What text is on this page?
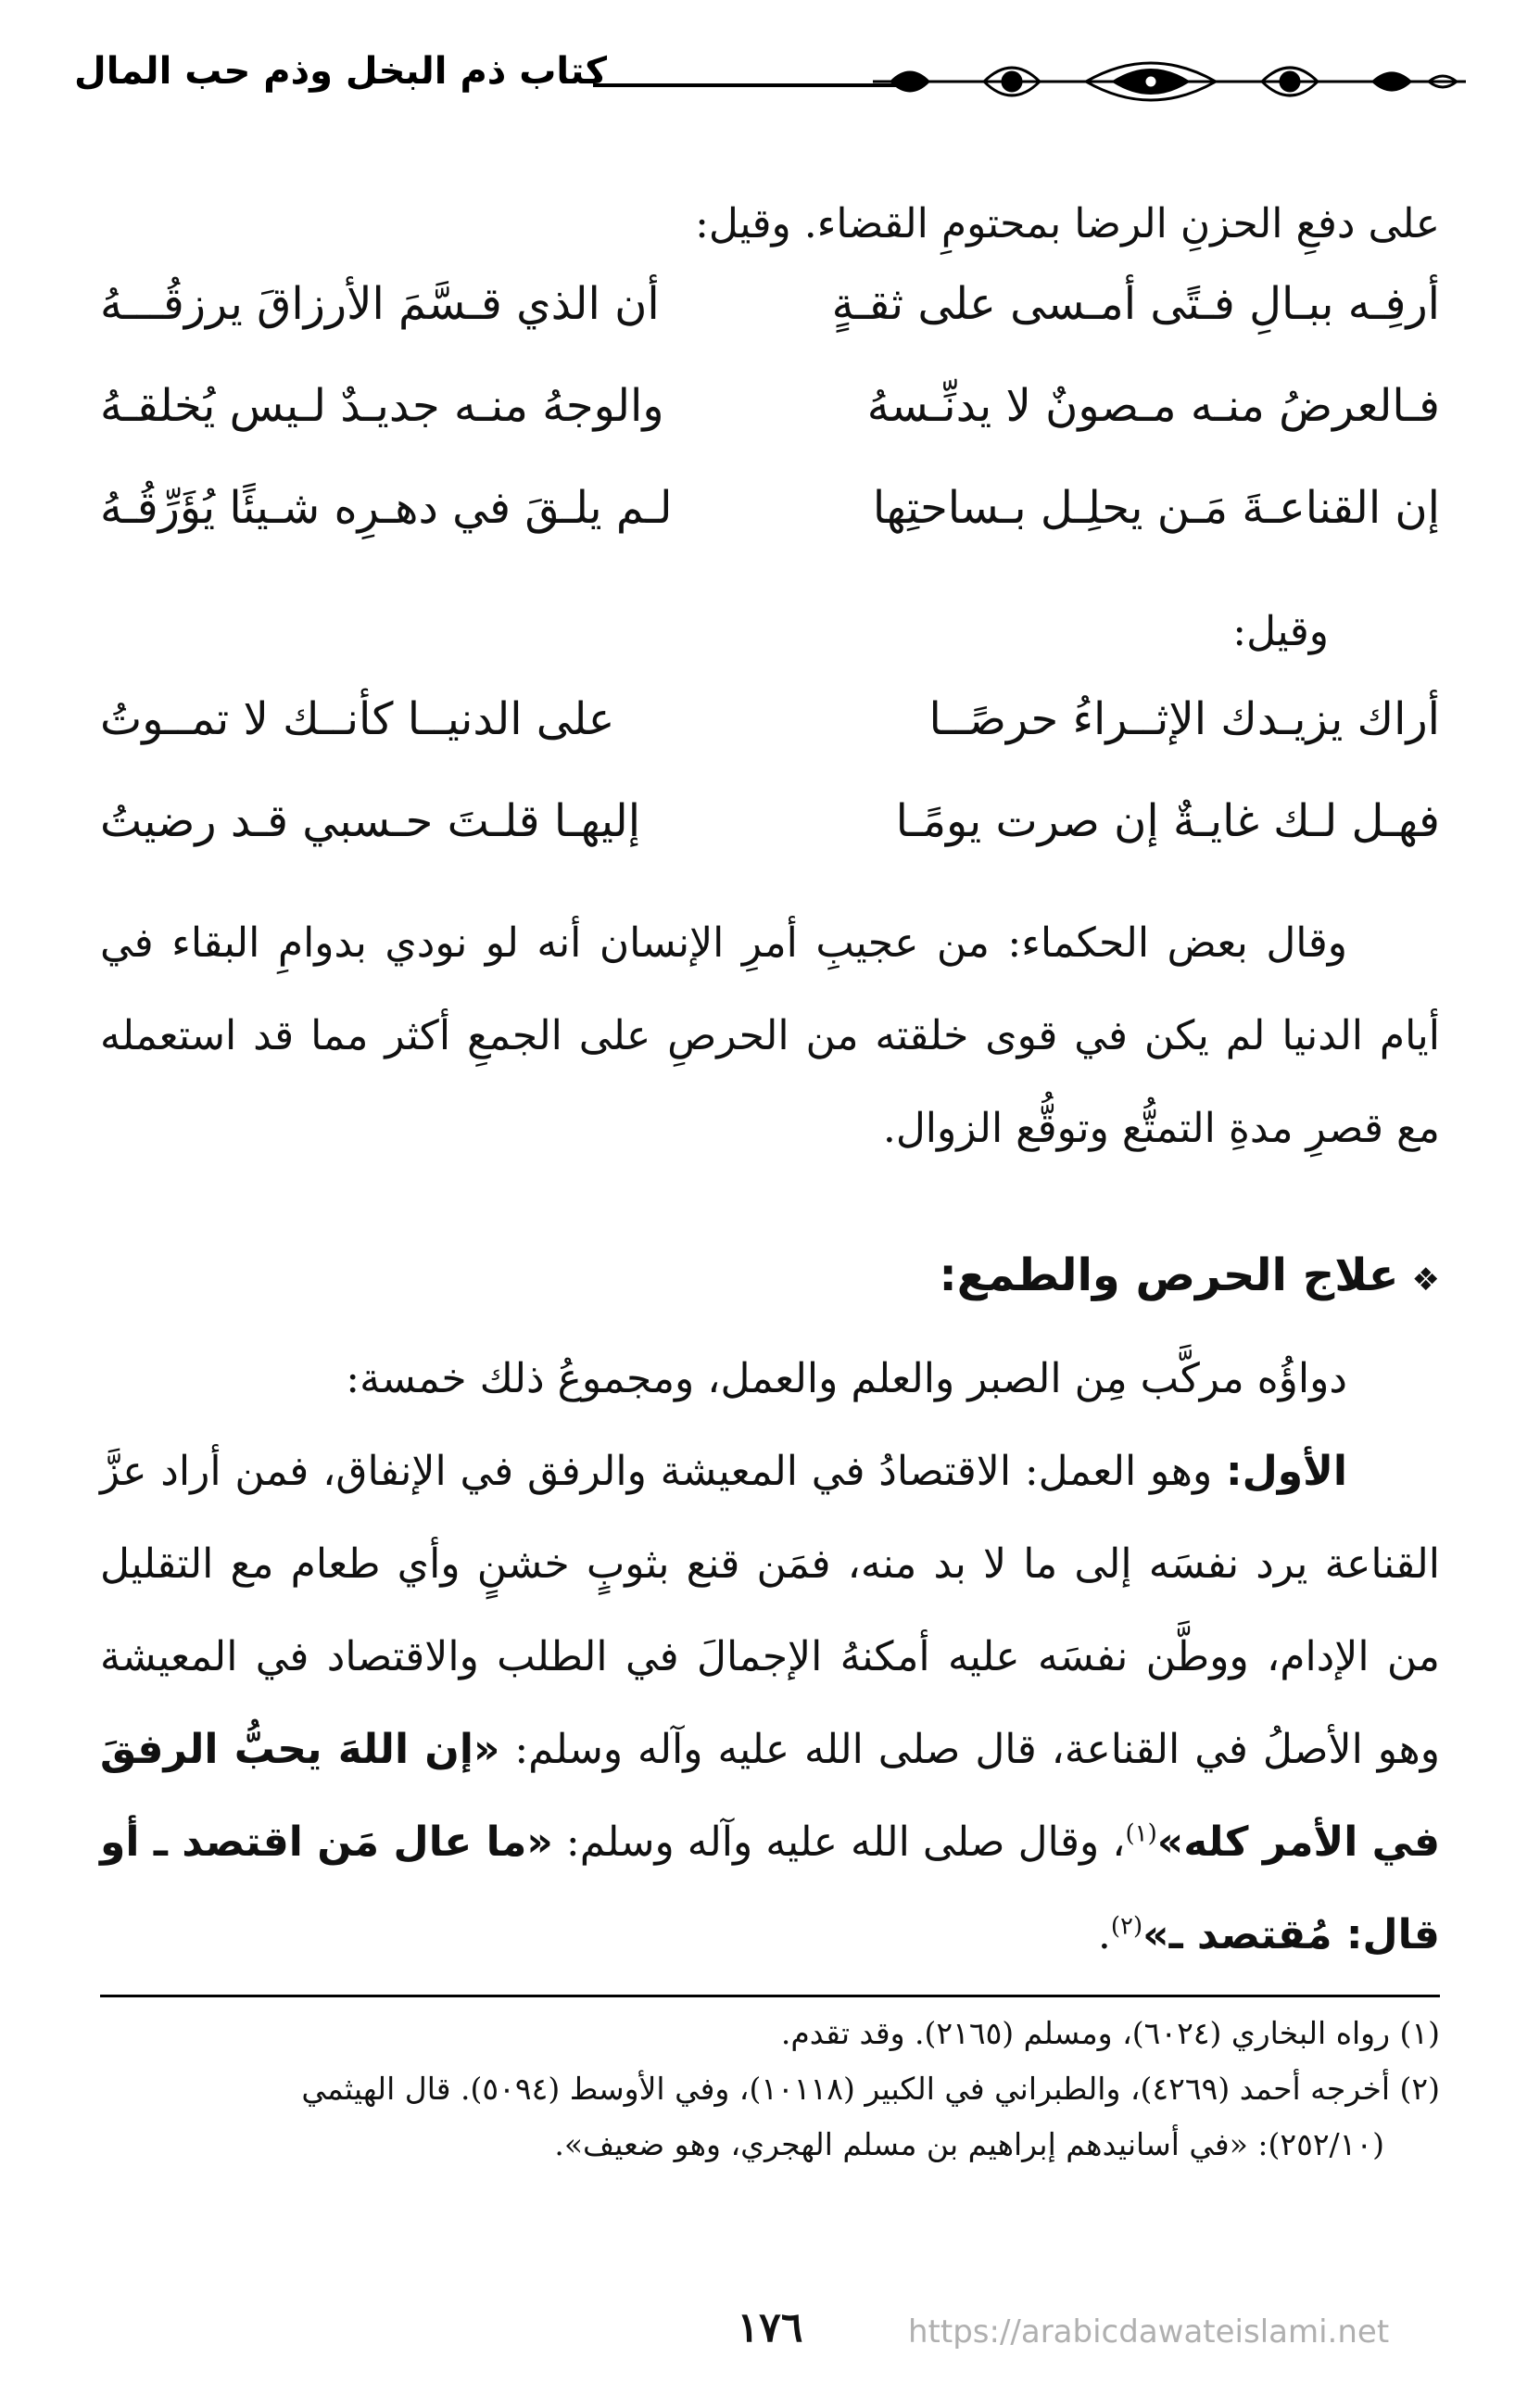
كتاب ذم البخل وذم حب المال

على دفعِ الحزنِ الرضا بمحتومِ القضاء. وقيل:

أرفِـه ببـالِ فـتًى أمـسى على ثقـةٍ
أن الذي قـسَّمَ الأرزاقَ يرزقُـــهُ
فـالعرضُ منـه مـصونٌ لا يدنِّـسهُ
والوجهُ منـه جديـدٌ لـيس يُخلقـهُ
إن القناعـةَ مَـن يحلِـل بـساحتِها
لـم يلـقَ في دهـرِه شـيئًا يُؤَرِّقُـهُ

وقيل:

أراك يزيـدك الإثــراءُ حرصًــا
على الدنيــا كأنــك لا تمــوتُ
فهـل لـك غايـةٌ إن صرت يومًـا
إليهـا قلـتَ حـسبي قـد رضيتُ

وقال بعض الحكماء: من عجيبِ أمرِ الإنسان أنه لو نودي بدوامِ البقاء في أيام الدنيا لم يكن في قوى خلقته من الحرصِ على الجمعِ أكثر مما قد استعمله مع قصرِ مدةِ التمتُّع وتوقُّع الزوال.

❖علاج الحرص والطمع:

دواؤُه مركَّب مِن الصبر والعلم والعمل، ومجموعُ ذلك خمسة:

الأول: وهو العمل: الاقتصادُ في المعيشة والرفق في الإنفاق، فمن أراد عزَّ القناعة يرد نفسَه إلى ما لا بد منه، فمَن قنع بثوبٍ خشنٍ وأي طعام مع التقليل من الإدام، ووطَّن نفسَه عليه أمكنهُ الإجمالَ في الطلب والاقتصاد في المعيشة وهو الأصلُ في القناعة، قال صلى الله عليه وآله وسلم: «إن اللهَ يحبُّ الرفقَ في الأمر كله»$^{(١)}$، وقال صلى الله عليه وآله وسلم: «ما عال مَن اقتصد ـ أو قال: مُقتصد ـ»$^{(٢)}$.

(١) رواه البخاري (٦٠٢٤)، ومسلم (٢١٦٥). وقد تقدم.

(٢) أخرجه أحمد (٤٢٦٩)، والطبراني في الكبير (١٠١١٨)، وفي الأوسط (٥٠٩٤). قال الهيثمي

(٢٥٢/١٠): «في أسانيدهم إبراهيم بن مسلم الهجري، وهو ضعيف».

١٧٦	https://arabicdawateislami.net
